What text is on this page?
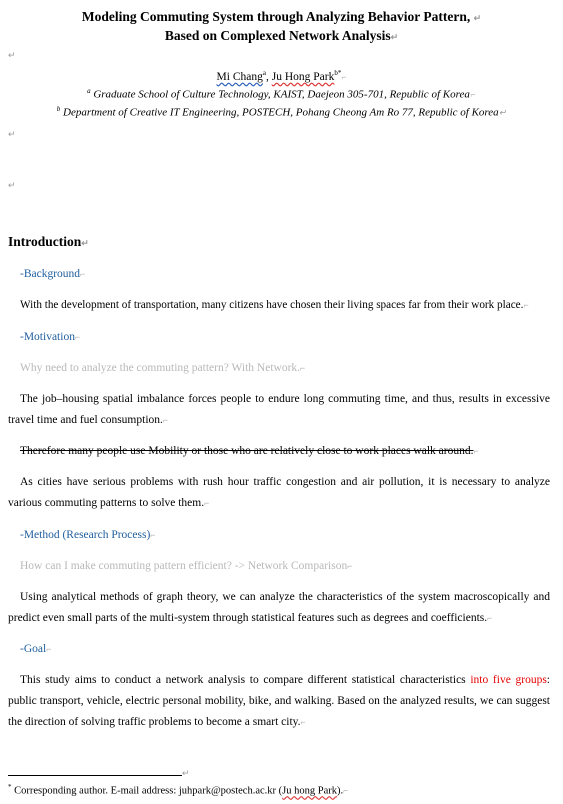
Modeling Commuting System through Analyzing Behavior Pattern, ↵
Based on Complexed Network Analysis↵
↵
Mi Chang$^a$, Ju Hong Park$^{b*}$⌐
$^a$ Graduate School of Culture Technology, KAIST, Daejeon 305-701, Republic of Korea⌐
$^b$ Department of Creative IT Engineering, POSTECH, Pohang Cheong Am Ro 77, Republic of Korea↵
↵
↵
Introduction↵
-Background⌐
With the development of transportation, many citizens have chosen their living spaces far from their work place.⌐
-Motivation⌐
Why need to analyze the commuting pattern? With Network.⌐
The job–housing spatial imbalance forces people to endure long commuting time, and thus, results in excessive travel time and fuel consumption.⌐
Therefore many people use Mobility or those who are relatively close to work places walk around.⌐
As cities have serious problems with rush hour traffic congestion and air pollution, it is necessary to analyze various commuting patterns to solve them.⌐
-Method (Research Process)⌐
How can I make commuting pattern efficient? -> Network Comparison⌐
Using analytical methods of graph theory, we can analyze the characteristics of the system macroscopically and predict even small parts of the multi-system through statistical features such as degrees and coefficients.⌐
-Goal⌐
This study aims to conduct a network analysis to compare different statistical characteristics into five groups: public transport, vehicle, electric personal mobility, bike, and walking. Based on the analyzed results, we can suggest the direction of solving traffic problems to become a smart city.⌐
↵
* Corresponding author. E-mail address: juhpark@postech.ac.kr (Ju hong Park).⌐
